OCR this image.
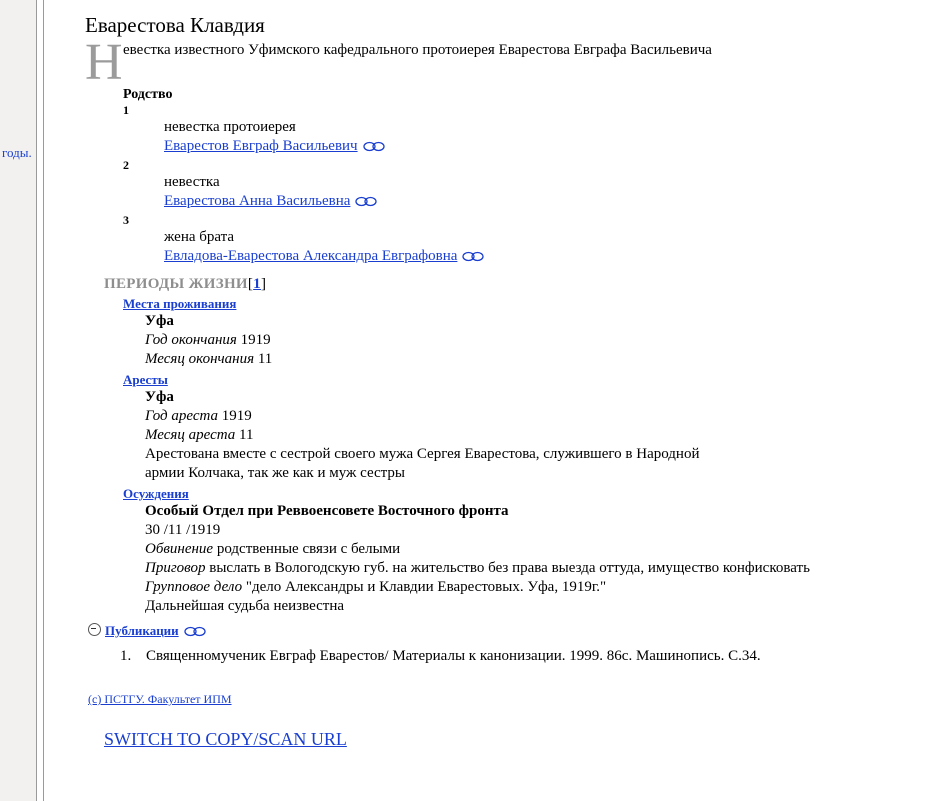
годы.
Еварестова Клавдия
Н евестка известного Уфимского кафедрального протоиерея Еварестова Евграфа Васильевича
Родство
1
невестка протоиерея
Еварестов Евграф Васильевич
2
невестка
Еварестова Анна Васильевна
3
жена брата
Евладова-Еварестова Александра Евграфовна
ПЕРИОДЫ ЖИЗНИ[1]
Места проживания
Уфа
Год окончания 1919
Месяц окончания 11
Аресты
Уфа
Год ареста 1919
Месяц ареста 11
Арестована вместе с сестрой своего мужа Сергея Еварестова, служившего в Народной
армии Колчака, так же как и муж сестры
Осуждения
Особый Отдел при Реввоенсовете Восточного фронта
30 /11 /1919
Обвинение родственные связи с белыми
Приговор выслать в Вологодскую губ. на жительство без права выезда оттуда, имущество конфисковать
Групповое дело "дело Александры и Клавдии Еварестовых. Уфа, 1919г."
Дальнейшая судьба неизвестна
Публикации
1. Священномученик Евграф Еварестов/ Материалы к канонизации. 1999. 86с. Машинопись. С.34.
(с) ПСТГУ. Факультет ИПМ
SWITCH TO COPY/SCAN URL
